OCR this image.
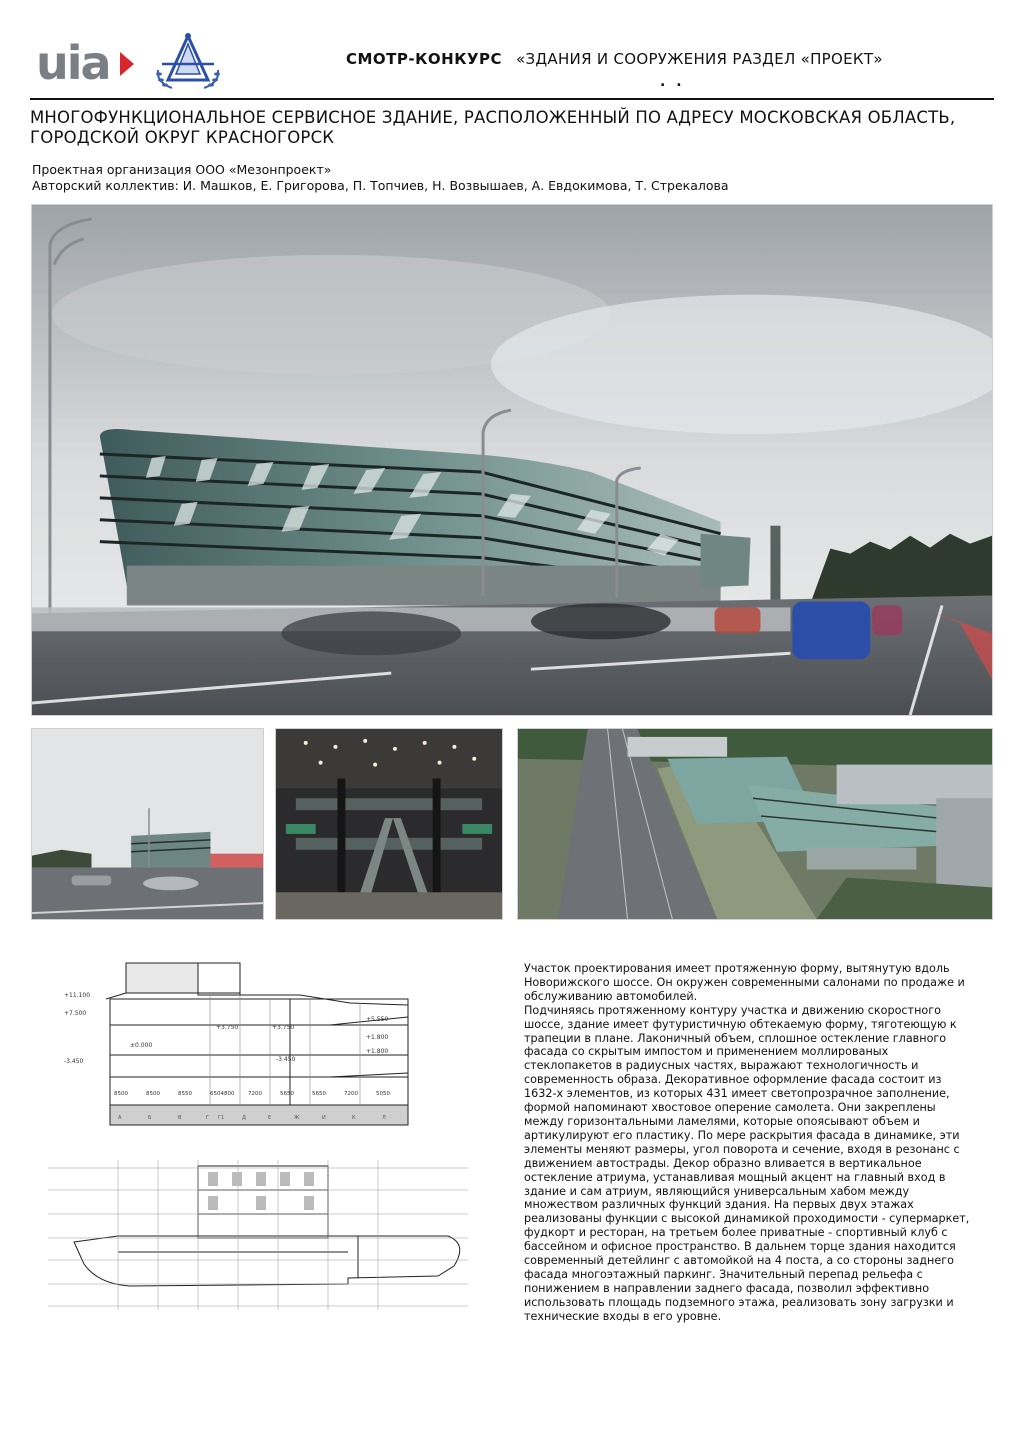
uia	СМОТР-КОНКУРС «ЗДАНИЯ И СООРУЖЕНИЯ РАЗДЕЛ «ПРОЕКТ»
. .
МНОГОФУНКЦИОНАЛЬНОЕ СЕРВИСНОЕ ЗДАНИЕ, РАСПОЛОЖЕННЫЙ ПО АДРЕСУ МОСКОВСКАЯ ОБЛАСТЬ, ГОРОДСКОЙ ОКРУГ КРАСНОГОРСК
Проектная организация ООО «Мезонпроект»
Авторский коллектив: И. Машков, Е. Григорова, П. Топчиев, Н. Возвышаев, А. Евдокимова, Т. Стрекалова
+11.100
+7.500
±0.000
-3.450
+3.750	+3.750
+5.550
+1.800
+1.800
-3.450
8500	8500	8550	6504800 7200	5650	5650	7200	5050
А	Б	В	Г Г1	Д	Е	Ж	И	К	Л

Участок проектирования имеет протяженную форму, вытянутую вдоль Новорижского шоссе. Он окружен современными салонами по продаже и обслуживанию автомобилей.

Подчиняясь протяженному контуру участка и движению скоростного шоссе, здание имеет футуристичную обтекаемую форму, тяготеющую к трапеции в плане. Лаконичный объем, сплошное остекление главного фасада со скрытым импостом и применением моллированых стеклопакетов в радиусных частях, выражают технологичность и современность образа. Декоративное оформление фасада состоит из 1632-х элементов, из которых 431 имеет светопрозрачное заполнение, формой напоминают хвостовое оперение самолета. Они закреплены между горизонтальными ламелями, которые опоясывают объем и артикулируют его пластику. По мере раскрытия фасада в динамике, эти элементы меняют размеры, угол поворота и сечение, входя в резонанс с движением автострады. Декор образно вливается в вертикальное остекление атриума, устанавливая мощный акцент на главный вход в здание и сам атриум, являющийся универсальным хабом между множеством различных функций здания. На первых двух этажах реализованы функции с высокой динамикой проходимости - супермаркет, фудкорт и ресторан, на третьем более приватные - спортивный клуб с бассейном и офисное пространство. В дальнем торце здания находится современный детейлинг с автомойкой на 4 поста, а со стороны заднего фасада многоэтажный паркинг. Значительный перепад рельефа с понижением в направлении заднего фасада, позволил эффективно использовать площадь подземного этажа, реализовать зону загрузки и технические входы в его уровне.
